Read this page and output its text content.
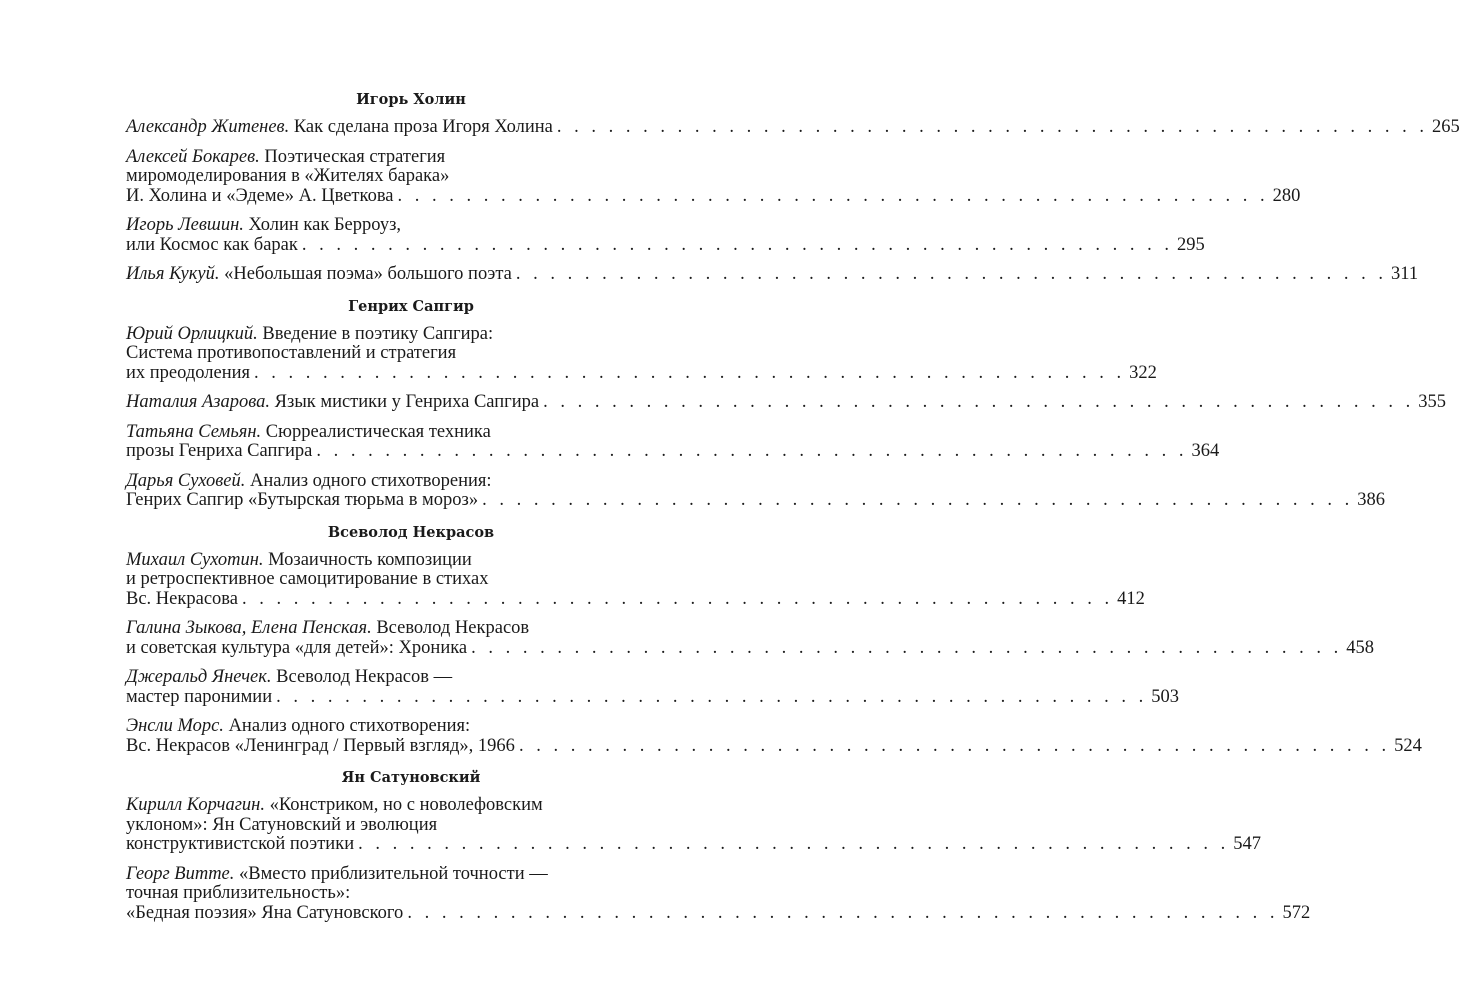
Игорь Холин
Александр Житенев. Как сделана проза Игоря Холина . . . . . . . . . . . . . . . . . . . . . . . . . . . . . . . . . . . . . . . . . . . . . . . . . . . 265
Алексей Бокарев. Поэтическая стратегия
миромоделирования в «Жителях барака»
И. Холина и «Эдеме» А. Цветкова . . . . . . . . . . . . . . . . . . . . . . . . . . . . . . . . . . . . . . . . . . . . . . . . . . . 280
Игорь Левшин. Холин как Берроуз,
или Космос как барак . . . . . . . . . . . . . . . . . . . . . . . . . . . . . . . . . . . . . . . . . . . . . . . . . . . 295
Илья Кукуй. «Небольшая поэма» большого поэта . . . . . . . . . . . . . . . . . . . . . . . . . . . . . . . . . . . . . . . . . . . . . . . . . . . 311
Генрих Сапгир
Юрий Орлицкий. Введение в поэтику Сапгира:
Система противопоставлений и стратегия
их преодоления . . . . . . . . . . . . . . . . . . . . . . . . . . . . . . . . . . . . . . . . . . . . . . . . . . . 322
Наталия Азарова. Язык мистики у Генриха Сапгира . . . . . . . . . . . . . . . . . . . . . . . . . . . . . . . . . . . . . . . . . . . . . . . . . . . 355
Татьяна Семьян. Сюрреалистическая техника
прозы Генриха Сапгира . . . . . . . . . . . . . . . . . . . . . . . . . . . . . . . . . . . . . . . . . . . . . . . . . . . 364
Дарья Суховей. Анализ одного стихотворения:
Генрих Сапгир «Бутырская тюрьма в мороз» . . . . . . . . . . . . . . . . . . . . . . . . . . . . . . . . . . . . . . . . . . . . . . . . . . . 386
Всеволод Некрасов
Михаил Сухотин. Мозаичность композиции
и ретроспективное самоцитирование в стихах
Вс. Некрасова . . . . . . . . . . . . . . . . . . . . . . . . . . . . . . . . . . . . . . . . . . . . . . . . . . . 412
Галина Зыкова, Елена Пенская. Всеволод Некрасов
и советская культура «для детей»: Хроника . . . . . . . . . . . . . . . . . . . . . . . . . . . . . . . . . . . . . . . . . . . . . . . . . . . 458
Джеральд Янечек. Всеволод Некрасов —
мастер паронимии . . . . . . . . . . . . . . . . . . . . . . . . . . . . . . . . . . . . . . . . . . . . . . . . . . . 503
Энсли Морс. Анализ одного стихотворения:
Вс. Некрасов «Ленинград / Первый взгляд», 1966 . . . . . . . . . . . . . . . . . . . . . . . . . . . . . . . . . . . . . . . . . . . . . . . . . . . 524
Ян Сатуновский
Кирилл Корчагин. «Констриком, но с новолефовским
уклоном»: Ян Сатуновский и эволюция
конструктивистской поэтики . . . . . . . . . . . . . . . . . . . . . . . . . . . . . . . . . . . . . . . . . . . . . . . . . . . 547
Георг Витте. «Вместо приблизительной точности —
точная приблизительность»:
«Бедная поэзия» Яна Сатуновского . . . . . . . . . . . . . . . . . . . . . . . . . . . . . . . . . . . . . . . . . . . . . . . . . . . 572
